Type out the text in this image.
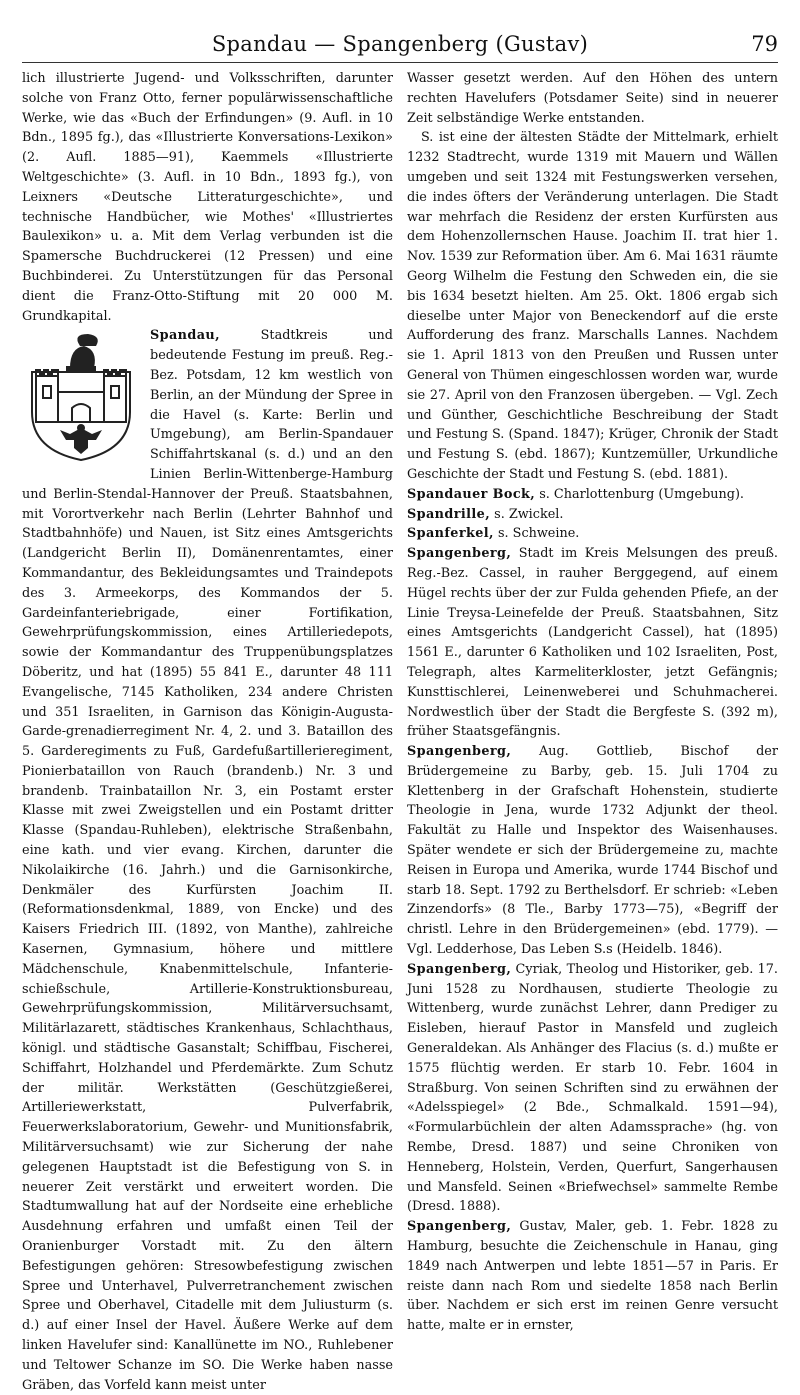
Spandau — Spangenberg (Gustav)	79

lich illustrierte Jugend- und Volksschriften, darunter solche von Franz Otto, ferner populärwissenschaftliche Werke, wie das «Buch der Erfindungen» (9. Aufl. in 10 Bdn., 1895 fg.), das «Illustrierte Konversations-Lexikon» (2. Aufl. 1885—91), Kaemmels «Illustrierte Weltgeschichte» (3. Aufl. in 10 Bdn., 1893 fg.), von Leixners «Deutsche Litteraturgeschichte», und technische Handbücher, wie Mothes' «Illustriertes Baulexikon» u. a. Mit dem Verlag verbunden ist die Spamersche Buchdruckerei (12 Pressen) und eine Buchbinderei. Zu Unterstützungen für das Personal dient die Franz-Otto-Stiftung mit 20 000 M. Grundkapital.

Spandau,
Stadtkreis und bedeutende Festung im preuß. Reg.-Bez. Potsdam, 12 km westlich von Berlin, an der Mündung der Spree in die Havel (s. Karte: Berlin und Umgebung), am Berlin-Spandauer Schiffahrtskanal (s. d.) und an den Linien Berlin-Wittenberge-Hamburg und Berlin-Stendal-Hannover der Preuß. Staatsbahnen, mit Vorortverkehr nach Berlin (Lehrter Bahnhof und Stadtbahnhöfe) und Nauen, ist Sitz eines Amtsgerichts (Landgericht Berlin II), Domänenrentamtes, einer Kommandantur, des Bekleidungsamtes und Traindepots des 3. Armeekorps, des Kommandos der 5. Gardeinfanteriebrigade, einer Fortifikation, Gewehrprüfungskommission, eines Artilleriedepots, sowie der Kommandantur des Truppenübungsplatzes Döberitz, und hat (1895) 55 841 E., darunter 48 111 Evangelische, 7145 Katholiken, 234 andere Christen und 351 Israeliten, in Garnison das Königin-Augusta-Garde-grenadierregiment Nr. 4, 2. und 3. Bataillon des 5. Garderegiments zu Fuß, Gardefußartillerieregiment, Pionierbataillon von Rauch (brandenb.) Nr. 3 und brandenb. Trainbataillon Nr. 3, ein Postamt erster Klasse mit zwei Zweigstellen und ein Postamt dritter Klasse (Spandau-Ruhleben), elektrische Straßenbahn, eine kath. und vier evang. Kirchen, darunter die Nikolaikirche (16. Jahrh.) und die Garnisonkirche, Denkmäler des Kurfürsten Joachim II. (Reformationsdenkmal, 1889, von Encke) und des Kaisers Friedrich III. (1892, von Manthe), zahlreiche Kasernen, Gymnasium, höhere und mittlere Mädchenschule, Knabenmittelschule, Infanterie-schießschule, Artillerie-Konstruktionsbureau, Gewehrprüfungskommission, Militärversuchsamt, Militärlazarett, städtisches Krankenhaus, Schlachthaus, königl. und städtische Gasanstalt; Schiffbau, Fischerei, Schiffahrt, Holzhandel und Pferdemärkte. Zum Schutz der militär. Werkstätten (Geschützgießerei, Artilleriewerkstatt, Pulverfabrik, Feuerwerkslaboratorium, Gewehr- und Munitionsfabrik, Militärversuchsamt) wie zur Sicherung der nahe gelegenen Hauptstadt ist die Befestigung von S. in neuerer Zeit verstärkt und erweitert worden. Die Stadtumwallung hat auf der Nordseite eine erhebliche Ausdehnung erfahren und umfaßt einen Teil der Oranienburger Vorstadt mit. Zu den ältern Befestigungen gehören: Stresowbefestigung zwischen Spree und Unterhavel, Pulverretranchement zwischen Spree und Oberhavel, Citadelle mit dem Juliusturm (s. d.) auf einer Insel der Havel. Äußere Werke auf dem linken Havelufer sind: Kanallünette im NO., Ruhlebener und Teltower Schanze im SO. Die Werke haben nasse Gräben, das Vorfeld kann meist unter

Wasser gesetzt werden. Auf den Höhen des untern rechten Havelufers (Potsdamer Seite) sind in neuerer Zeit selbständige Werke entstanden.

S. ist eine der ältesten Städte der Mittelmark, erhielt 1232 Stadtrecht, wurde 1319 mit Mauern und Wällen umgeben und seit 1324 mit Festungswerken versehen, die indes öfters der Veränderung unterlagen. Die Stadt war mehrfach die Residenz der ersten Kurfürsten aus dem Hohenzollernschen Hause. Joachim II. trat hier 1. Nov. 1539 zur Reformation über. Am 6. Mai 1631 räumte Georg Wilhelm die Festung den Schweden ein, die sie bis 1634 besetzt hielten. Am 25. Okt. 1806 ergab sich dieselbe unter Major von Beneckendorf auf die erste Aufforderung des franz. Marschalls Lannes. Nachdem sie 1. April 1813 von den Preußen und Russen unter General von Thümen eingeschlossen worden war, wurde sie 27. April von den Franzosen übergeben. — Vgl. Zech und Günther, Geschichtliche Beschreibung der Stadt und Festung S. (Spand. 1847); Krüger, Chronik der Stadt und Festung S. (ebd. 1867); Kuntzemüller, Urkundliche Geschichte der Stadt und Festung S. (ebd. 1881).

Spandauer Bock, s. Charlottenburg (Umgebung).

Spandrille, s. Zwickel.

Spanferkel, s. Schweine.

Spangenberg, Stadt im Kreis Melsungen des preuß. Reg.-Bez. Cassel, in rauher Berggegend, auf einem Hügel rechts über der zur Fulda gehenden Pfiefe, an der Linie Treysa-Leinefelde der Preuß. Staatsbahnen, Sitz eines Amtsgerichts (Landgericht Cassel), hat (1895) 1561 E., darunter 6 Katholiken und 102 Israeliten, Post, Telegraph, altes Karmeliterkloster, jetzt Gefängnis; Kunsttischlerei, Leinenweberei und Schuhmacherei. Nordwestlich über der Stadt die Bergfeste S. (392 m), früher Staatsgefängnis.

Spangenberg, Aug. Gottlieb, Bischof der Brüdergemeine zu Barby, geb. 15. Juli 1704 zu Klettenberg in der Grafschaft Hohenstein, studierte Theologie in Jena, wurde 1732 Adjunkt der theol. Fakultät zu Halle und Inspektor des Waisenhauses. Später wendete er sich der Brüdergemeine zu, machte Reisen in Europa und Amerika, wurde 1744 Bischof und starb 18. Sept. 1792 zu Berthelsdorf. Er schrieb: «Leben Zinzendorfs» (8 Tle., Barby 1773—75), «Begriff der christl. Lehre in den Brüdergemeinen» (ebd. 1779). — Vgl. Ledderhose, Das Leben S.s (Heidelb. 1846).

Spangenberg, Cyriak, Theolog und Historiker, geb. 17. Juni 1528 zu Nordhausen, studierte Theologie zu Wittenberg, wurde zunächst Lehrer, dann Prediger zu Eisleben, hierauf Pastor in Mansfeld und zugleich Generaldekan. Als Anhänger des Flacius (s. d.) mußte er 1575 flüchtig werden. Er starb 10. Febr. 1604 in Straßburg. Von seinen Schriften sind zu erwähnen der «Adelsspiegel» (2 Bde., Schmalkald. 1591—94), «Formularbüchlein der alten Adamssprache» (hg. von Rembe, Dresd. 1887) und seine Chroniken von Henneberg, Holstein, Verden, Querfurt, Sangerhausen und Mansfeld. Seinen «Briefwechsel» sammelte Rembe (Dresd. 1888).

Spangenberg, Gustav, Maler, geb. 1. Febr. 1828 zu Hamburg, besuchte die Zeichenschule in Hanau, ging 1849 nach Antwerpen und lebte 1851—57 in Paris. Er reiste dann nach Rom und siedelte 1858 nach Berlin über. Nachdem er sich erst im reinen Genre versucht hatte, malte er in ernster,
